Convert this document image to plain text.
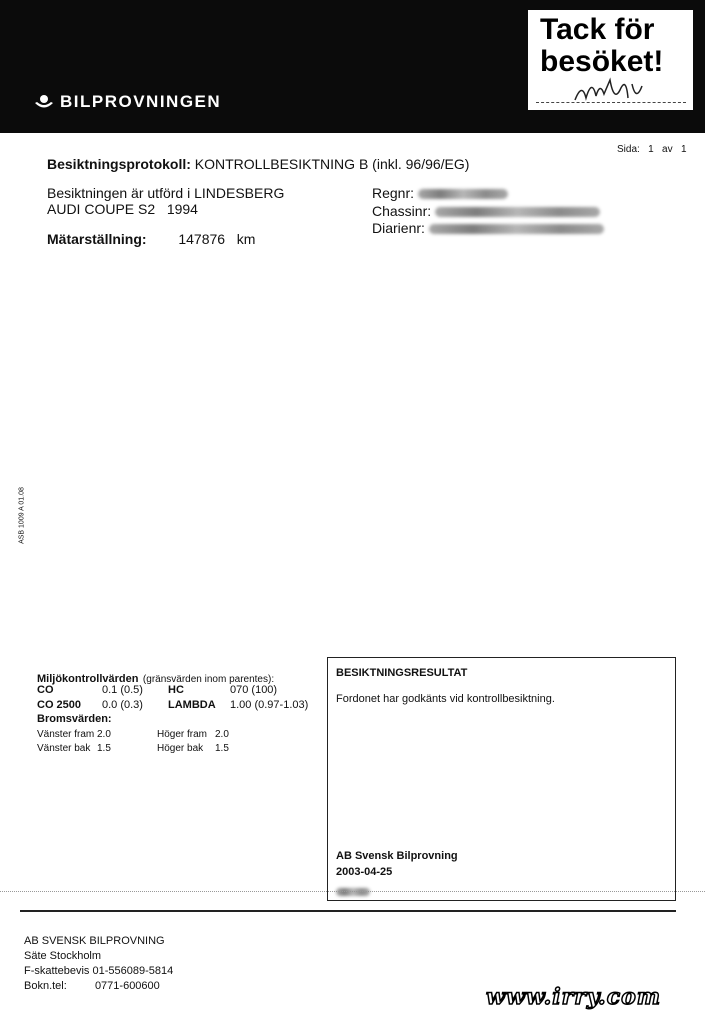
BILPROVNINGEN
Tack för
besöket!
Sida: 1 av 1
Besiktningsprotokoll: KONTROLLBESIKTNING B (inkl. 96/96/EG)
Besiktningen är utförd i LINDESBERG
AUDI COUPE S2 1994
Mätarställning: 147876 km
Regnr:
Chassinr:
Diarienr:
ASB 1009 A 01.08
Miljökontrollvärden (gränsvärden inom parentes):
CO	0.1 (0.5) HC	070 (100)
CO 2500 0.0 (0.3) LAMBDA 1.00 (0.97-1.03)
Bromsvärden:
Vänster fram 2.0	Höger fram 2.0
Vänster bak 1.5	Höger bak 1.5
BESIKTNINGSRESULTAT
Fordonet har godkänts vid kontrollbesiktning.
AB Svensk Bilprovning
2003-04-25
AB SVENSK BILPROVNING
Säte Stockholm
F-skattebevis 01-556089-5814
Bokn.tel:	0771-600600	www.irry.com
